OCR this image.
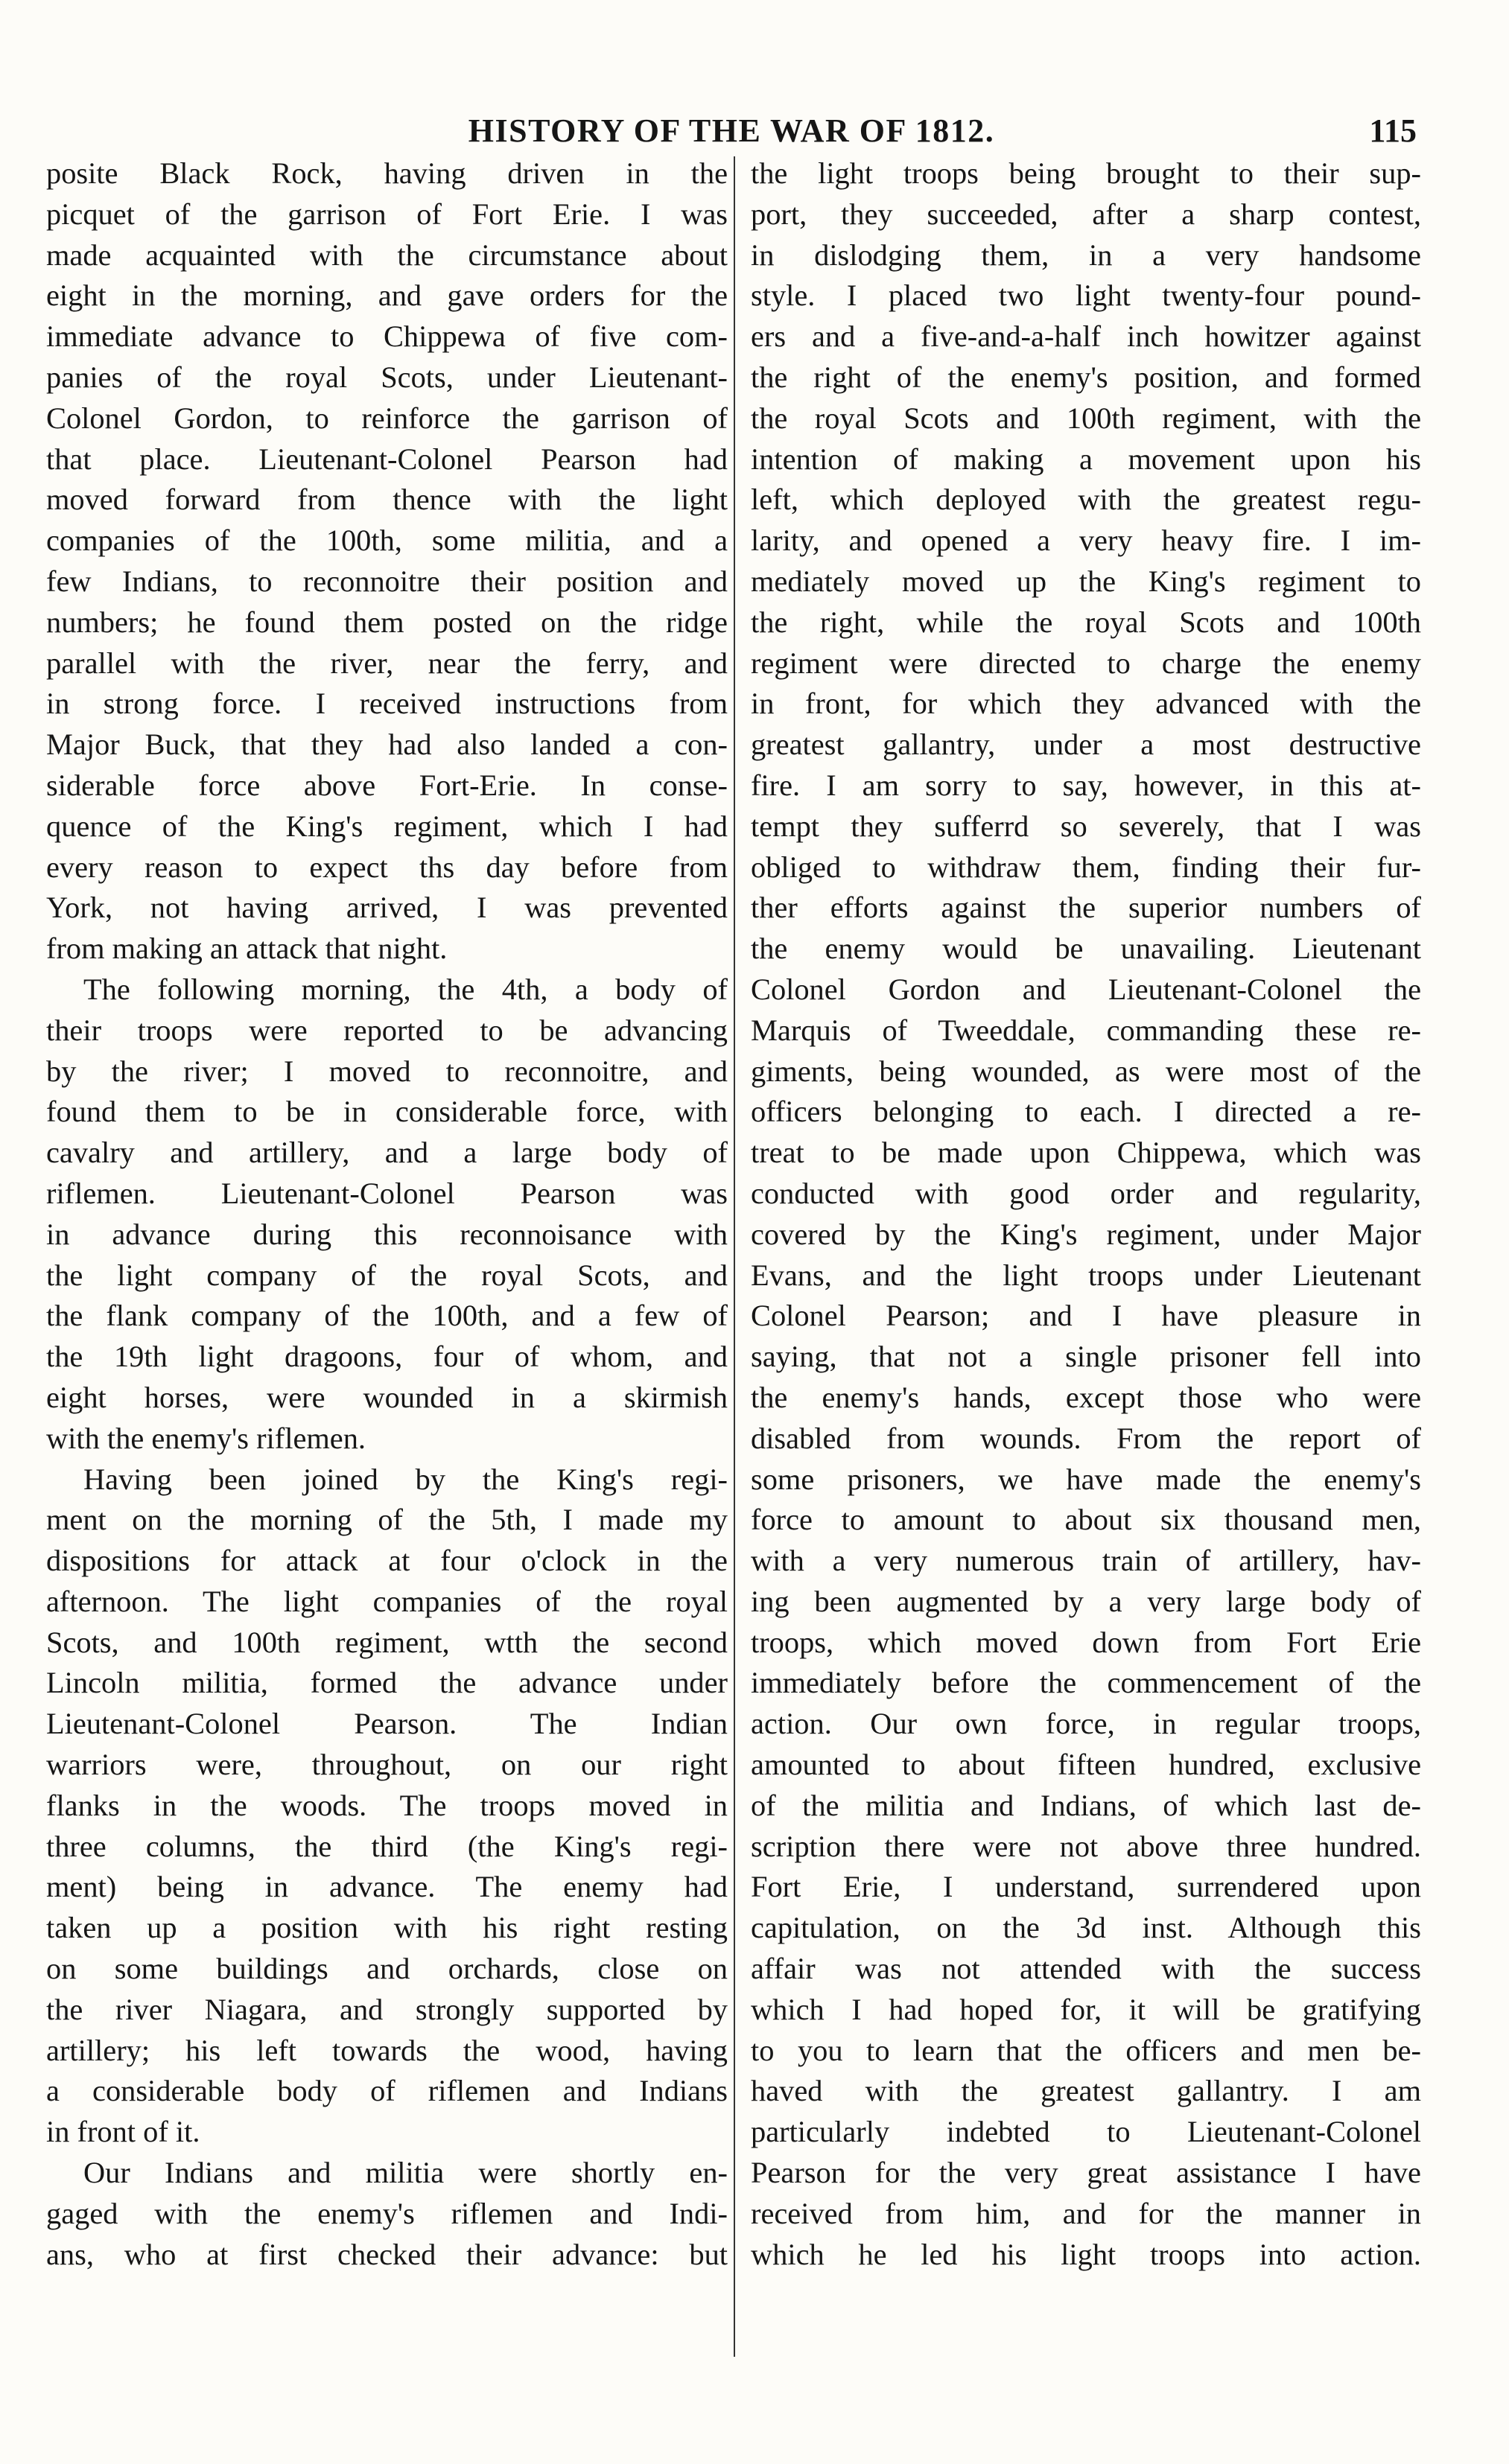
HISTORY OF THE WAR OF 1812.	115
posite Black Rock, having driven in the
picquet of the garrison of Fort Erie. I was
made acquainted with the circumstance about
eight in the morning, and gave orders for the
immediate advance to Chippewa of five com-
panies of the royal Scots, under Lieutenant-
Colonel Gordon, to reinforce the garrison of
that place. Lieutenant-Colonel Pearson had
moved forward from thence with the light
companies of the 100th, some militia, and a
few Indians, to reconnoitre their position and
numbers; he found them posted on the ridge
parallel with the river, near the ferry, and
in strong force. I received instructions from
Major Buck, that they had also landed a con-
siderable force above Fort-Erie. In conse-
quence of the King's regiment, which I had
every reason to expect ths day before from
York, not having arrived, I was prevented
from making an attack that night.
The following morning, the 4th, a body of
their troops were reported to be advancing
by the river; I moved to reconnoitre, and
found them to be in considerable force, with
cavalry and artillery, and a large body of
riflemen. Lieutenant-Colonel Pearson was
in advance during this reconnoisance with
the light company of the royal Scots, and
the flank company of the 100th, and a few of
the 19th light dragoons, four of whom, and
eight horses, were wounded in a skirmish
with the enemy's riflemen.
Having been joined by the King's regi-
ment on the morning of the 5th, I made my
dispositions for attack at four o'clock in the
afternoon. The light companies of the royal
Scots, and 100th regiment, wtth the second
Lincoln militia, formed the advance under
Lieutenant-Colonel Pearson. The Indian
warriors were, throughout, on our right
flanks in the woods. The troops moved in
three columns, the third (the King's regi-
ment) being in advance. The enemy had
taken up a position with his right resting
on some buildings and orchards, close on
the river Niagara, and strongly supported by
artillery; his left towards the wood, having
a considerable body of riflemen and Indians
in front of it.
Our Indians and militia were shortly en-
gaged with the enemy's riflemen and Indi-
ans, who at first checked their advance: but
the light troops being brought to their sup-
port, they succeeded, after a sharp contest,
in dislodging them, in a very handsome
style. I placed two light twenty-four pound-
ers and a five-and-a-half inch howitzer against
the right of the enemy's position, and formed
the royal Scots and 100th regiment, with the
intention of making a movement upon his
left, which deployed with the greatest regu-
larity, and opened a very heavy fire. I im-
mediately moved up the King's regiment to
the right, while the royal Scots and 100th
regiment were directed to charge the enemy
in front, for which they advanced with the
greatest gallantry, under a most destructive
fire. I am sorry to say, however, in this at-
tempt they sufferrd so severely, that I was
obliged to withdraw them, finding their fur-
ther efforts against the superior numbers of
the enemy would be unavailing. Lieutenant
Colonel Gordon and Lieutenant-Colonel the
Marquis of Tweeddale, commanding these re-
giments, being wounded, as were most of the
officers belonging to each. I directed a re-
treat to be made upon Chippewa, which was
conducted with good order and regularity,
covered by the King's regiment, under Major
Evans, and the light troops under Lieutenant
Colonel Pearson; and I have pleasure in
saying, that not a single prisoner fell into
the enemy's hands, except those who were
disabled from wounds. From the report of
some prisoners, we have made the enemy's
force to amount to about six thousand men,
with a very numerous train of artillery, hav-
ing been augmented by a very large body of
troops, which moved down from Fort Erie
immediately before the commencement of the
action. Our own force, in regular troops,
amounted to about fifteen hundred, exclusive
of the militia and Indians, of which last de-
scription there were not above three hundred.
Fort Erie, I understand, surrendered upon
capitulation, on the 3d inst. Although this
affair was not attended with the success
which I had hoped for, it will be gratifying
to you to learn that the officers and men be-
haved with the greatest gallantry. I am
particularly indebted to Lieutenant-Colonel
Pearson for the very great assistance I have
received from him, and for the manner in
which he led his light troops into action.
